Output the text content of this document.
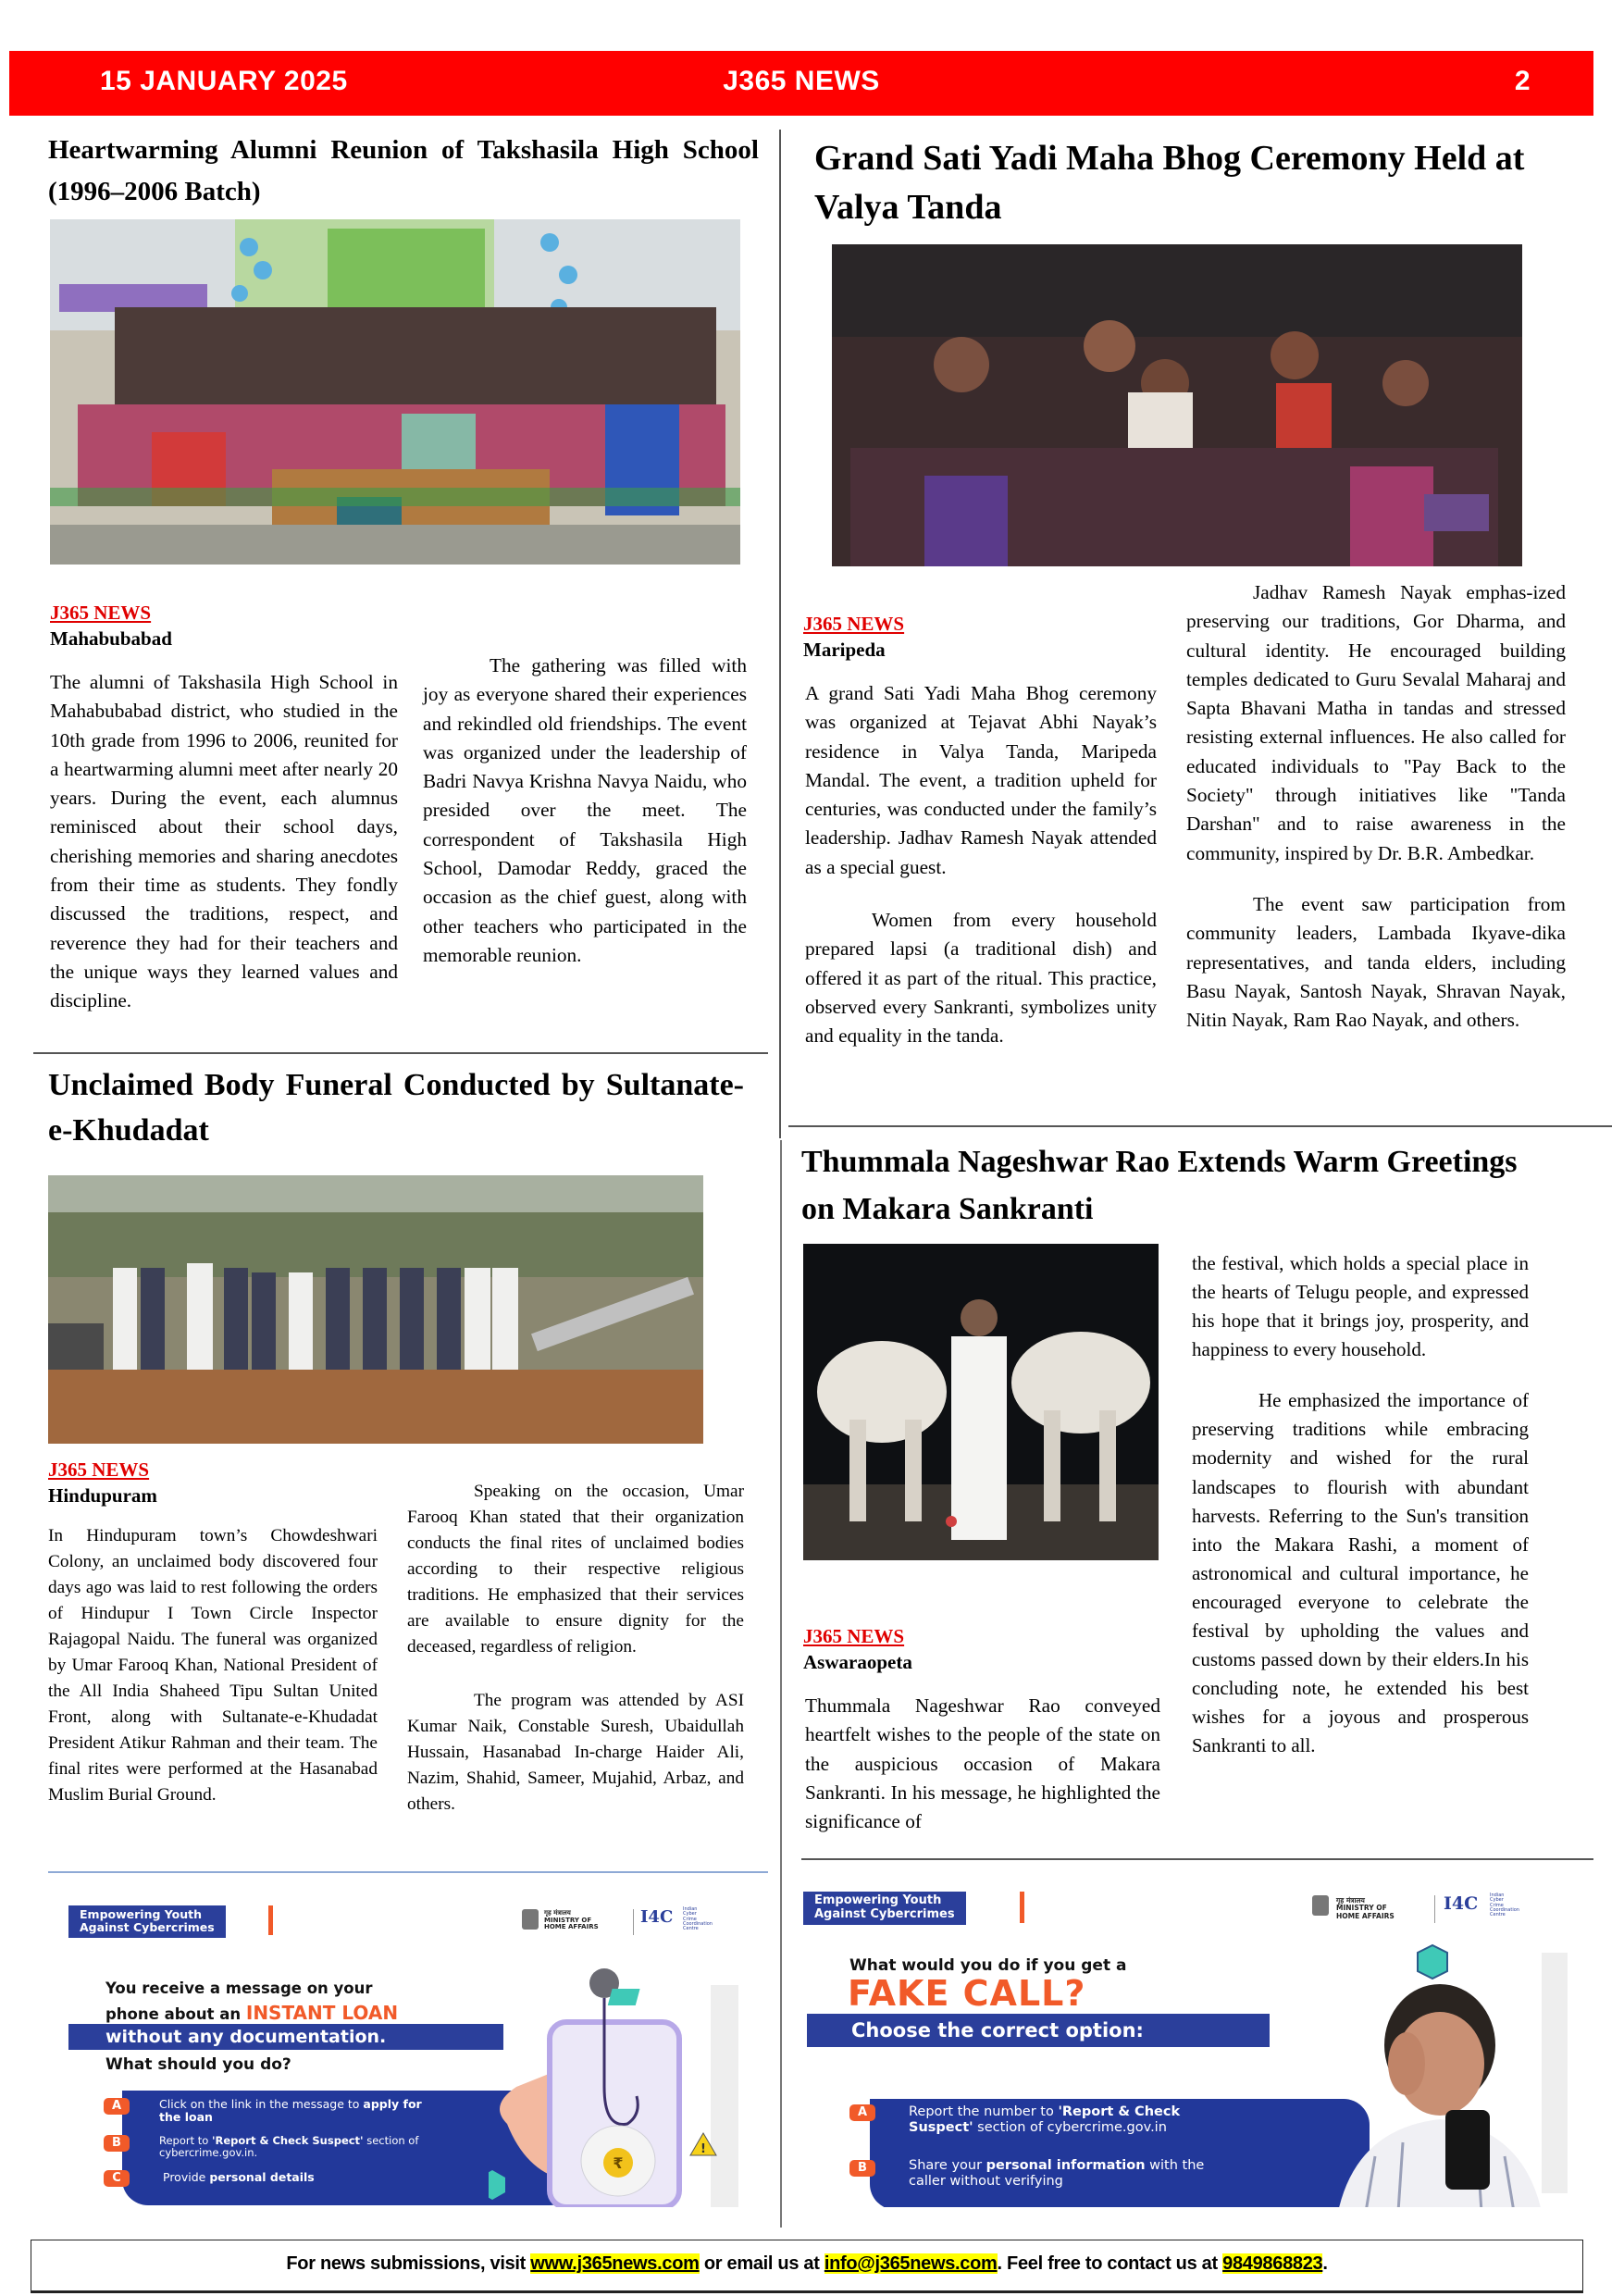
J365 NEWS
15 JANUARY 2025	2
Heartwarming Alumni Reunion of Takshasila High School (1996–2006 Batch)
J365 NEWS
Mahabubabad

The alumni of Takshasila High School in Mahabubabad district, who studied in the 10th grade from 1996 to 2006, reunited for a heartwarming alumni meet after nearly 20 years. During the event, each alumnus reminisced about their school days, cherishing memories and sharing anecdotes from their time as students. They fondly discussed the traditions, respect, and reverence they had for their teachers and the unique ways they learned values and discipline.

The gathering was filled with joy as everyone shared their experiences and rekindled old friendships. The event was organized under the leadership of Badri Navya Krishna Navya Naidu, who presided over the meet. The correspondent of Takshasila High School, Damodar Reddy, graced the occasion as the chief guest, along with other teachers who participated in the memorable reunion.

Grand Sati Yadi Maha Bhog Ceremony Held at Valya Tanda
J365 NEWS
Maripeda

A grand Sati Yadi Maha Bhog ceremony was organized at Tejavat Abhi Nayak’s residence in Valya Tanda, Maripeda Mandal. The event, a tradition upheld for centuries, was conducted under the family’s leadership. Jadhav Ramesh Nayak attended as a special guest.

Women from every household prepared lapsi (a traditional dish) and offered it as part of the ritual. This practice, observed every Sankranti, symbolizes unity and equality in the tanda.

Jadhav Ramesh Nayak emphas-ized preserving our traditions, Gor Dharma, and cultural identity. He encouraged building temples dedicated to Guru Sevalal Maharaj and Sapta Bhavani Matha in tandas and stressed resisting external influences. He also called for educated individuals to "Pay Back to the Society" through initiatives like "Tanda Darshan" and to raise awareness in the community, inspired by Dr. B.R. Ambedkar.

The event saw participation from community leaders, Lambada Ikyave-dika representatives, and tanda elders, including Basu Nayak, Santosh Nayak, Shravan Nayak, Nitin Nayak, Ram Rao Nayak, and others.

Unclaimed Body Funeral Conducted by Sultanate-e-Khudadat
J365 NEWS
Hindupuram

In Hindupuram town’s Chowdeshwari Colony, an unclaimed body discovered four days ago was laid to rest following the orders of Hindupur I Town Circle Inspector Rajagopal Naidu. The funeral was organized by Umar Farooq Khan, National President of the All India Shaheed Tipu Sultan United Front, along with Sultanate-e-Khudadat President Atikur Rahman and their team. The final rites were performed at the Hasanabad Muslim Burial Ground.

Speaking on the occasion, Umar Farooq Khan stated that their organization conducts the final rites of unclaimed bodies according to their respective religious traditions. He emphasized that their services are available to ensure dignity for the deceased, regardless of religion.

The program was attended by ASI Kumar Naik, Constable Suresh, Ubaidullah Hussain, Hasanabad In-charge Haider Ali, Nazim, Shahid, Sameer, Mujahid, Arbaz, and others.

Thummala Nageshwar Rao Extends Warm Greetings on Makara Sankranti
J365 NEWS
Aswaraopeta

Thummala Nageshwar Rao conveyed heartfelt wishes to the people of the state on the auspicious occasion of Makara Sankranti. In his message, he highlighted the significance of

the festival, which holds a special place in the hearts of Telugu people, and expressed his hope that it brings joy, prosperity, and happiness to every household.

He emphasized the importance of preserving traditions while embracing modernity and wished for the rural landscapes to flourish with abundant harvests. Referring to the Sun's transition into the Makara Rashi, a moment of astronomical and cultural importance, he encouraged everyone to celebrate the festival by upholding the values and customs passed down by their elders.In his concluding note, he extended his best wishes for a joyous and prosperous Sankranti to all.

Empowering Youth
Against Cybercrimes
गृह मंत्रालय
MINISTRY OF
HOME AFFAIRS
I4C Indian
Cyber
Crime
Coordination
Centre
You receive a message on your
phone about an INSTANT LOAN
without any documentation.
What should you do?
A	Click on the link in the message to apply for the loan
B	Report to 'Report & Check Suspect' section of cybercrime.gov.in.
C	Provide personal details
₹
!
Empowering Youth
Against Cybercrimes
गृह मंत्रालय
MINISTRY OF
HOME AFFAIRS
I4C	Indian
Cyber
Crime
Coordination
Centre
What would you do if you get a
FAKE CALL?
Choose the correct option:
A	Report the number to 'Report & Check Suspect' section of cybercrime.gov.in
B	Share your personal information with the caller without verifying
For news submissions, visit www.j365news.com or email us at info@j365news.com. Feel free to contact us at 9849868823.
